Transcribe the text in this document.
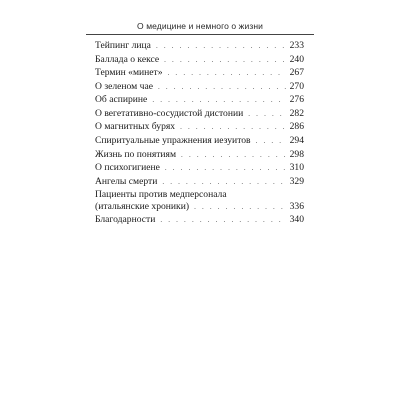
О медицине и немного о жизни
Тейпинг лица . . .	233
Баллада о кексе . . .	240
Термин «минет» . . .	267
О зеленом чае . . .	270
Об аспирине . . .	276
О вегетативно-сосудистой дистонии . . .	282
О магнитных бурях . . .	286
Спиритуальные упражнения иезуитов . . .	294
Жизнь по понятиям . . .	298
О психогигиене . . .	310
Ангелы смерти . . .	329
Пациенты против медперсонала
(итальянские хроники) . . .	336
Благодарности . . .	340
